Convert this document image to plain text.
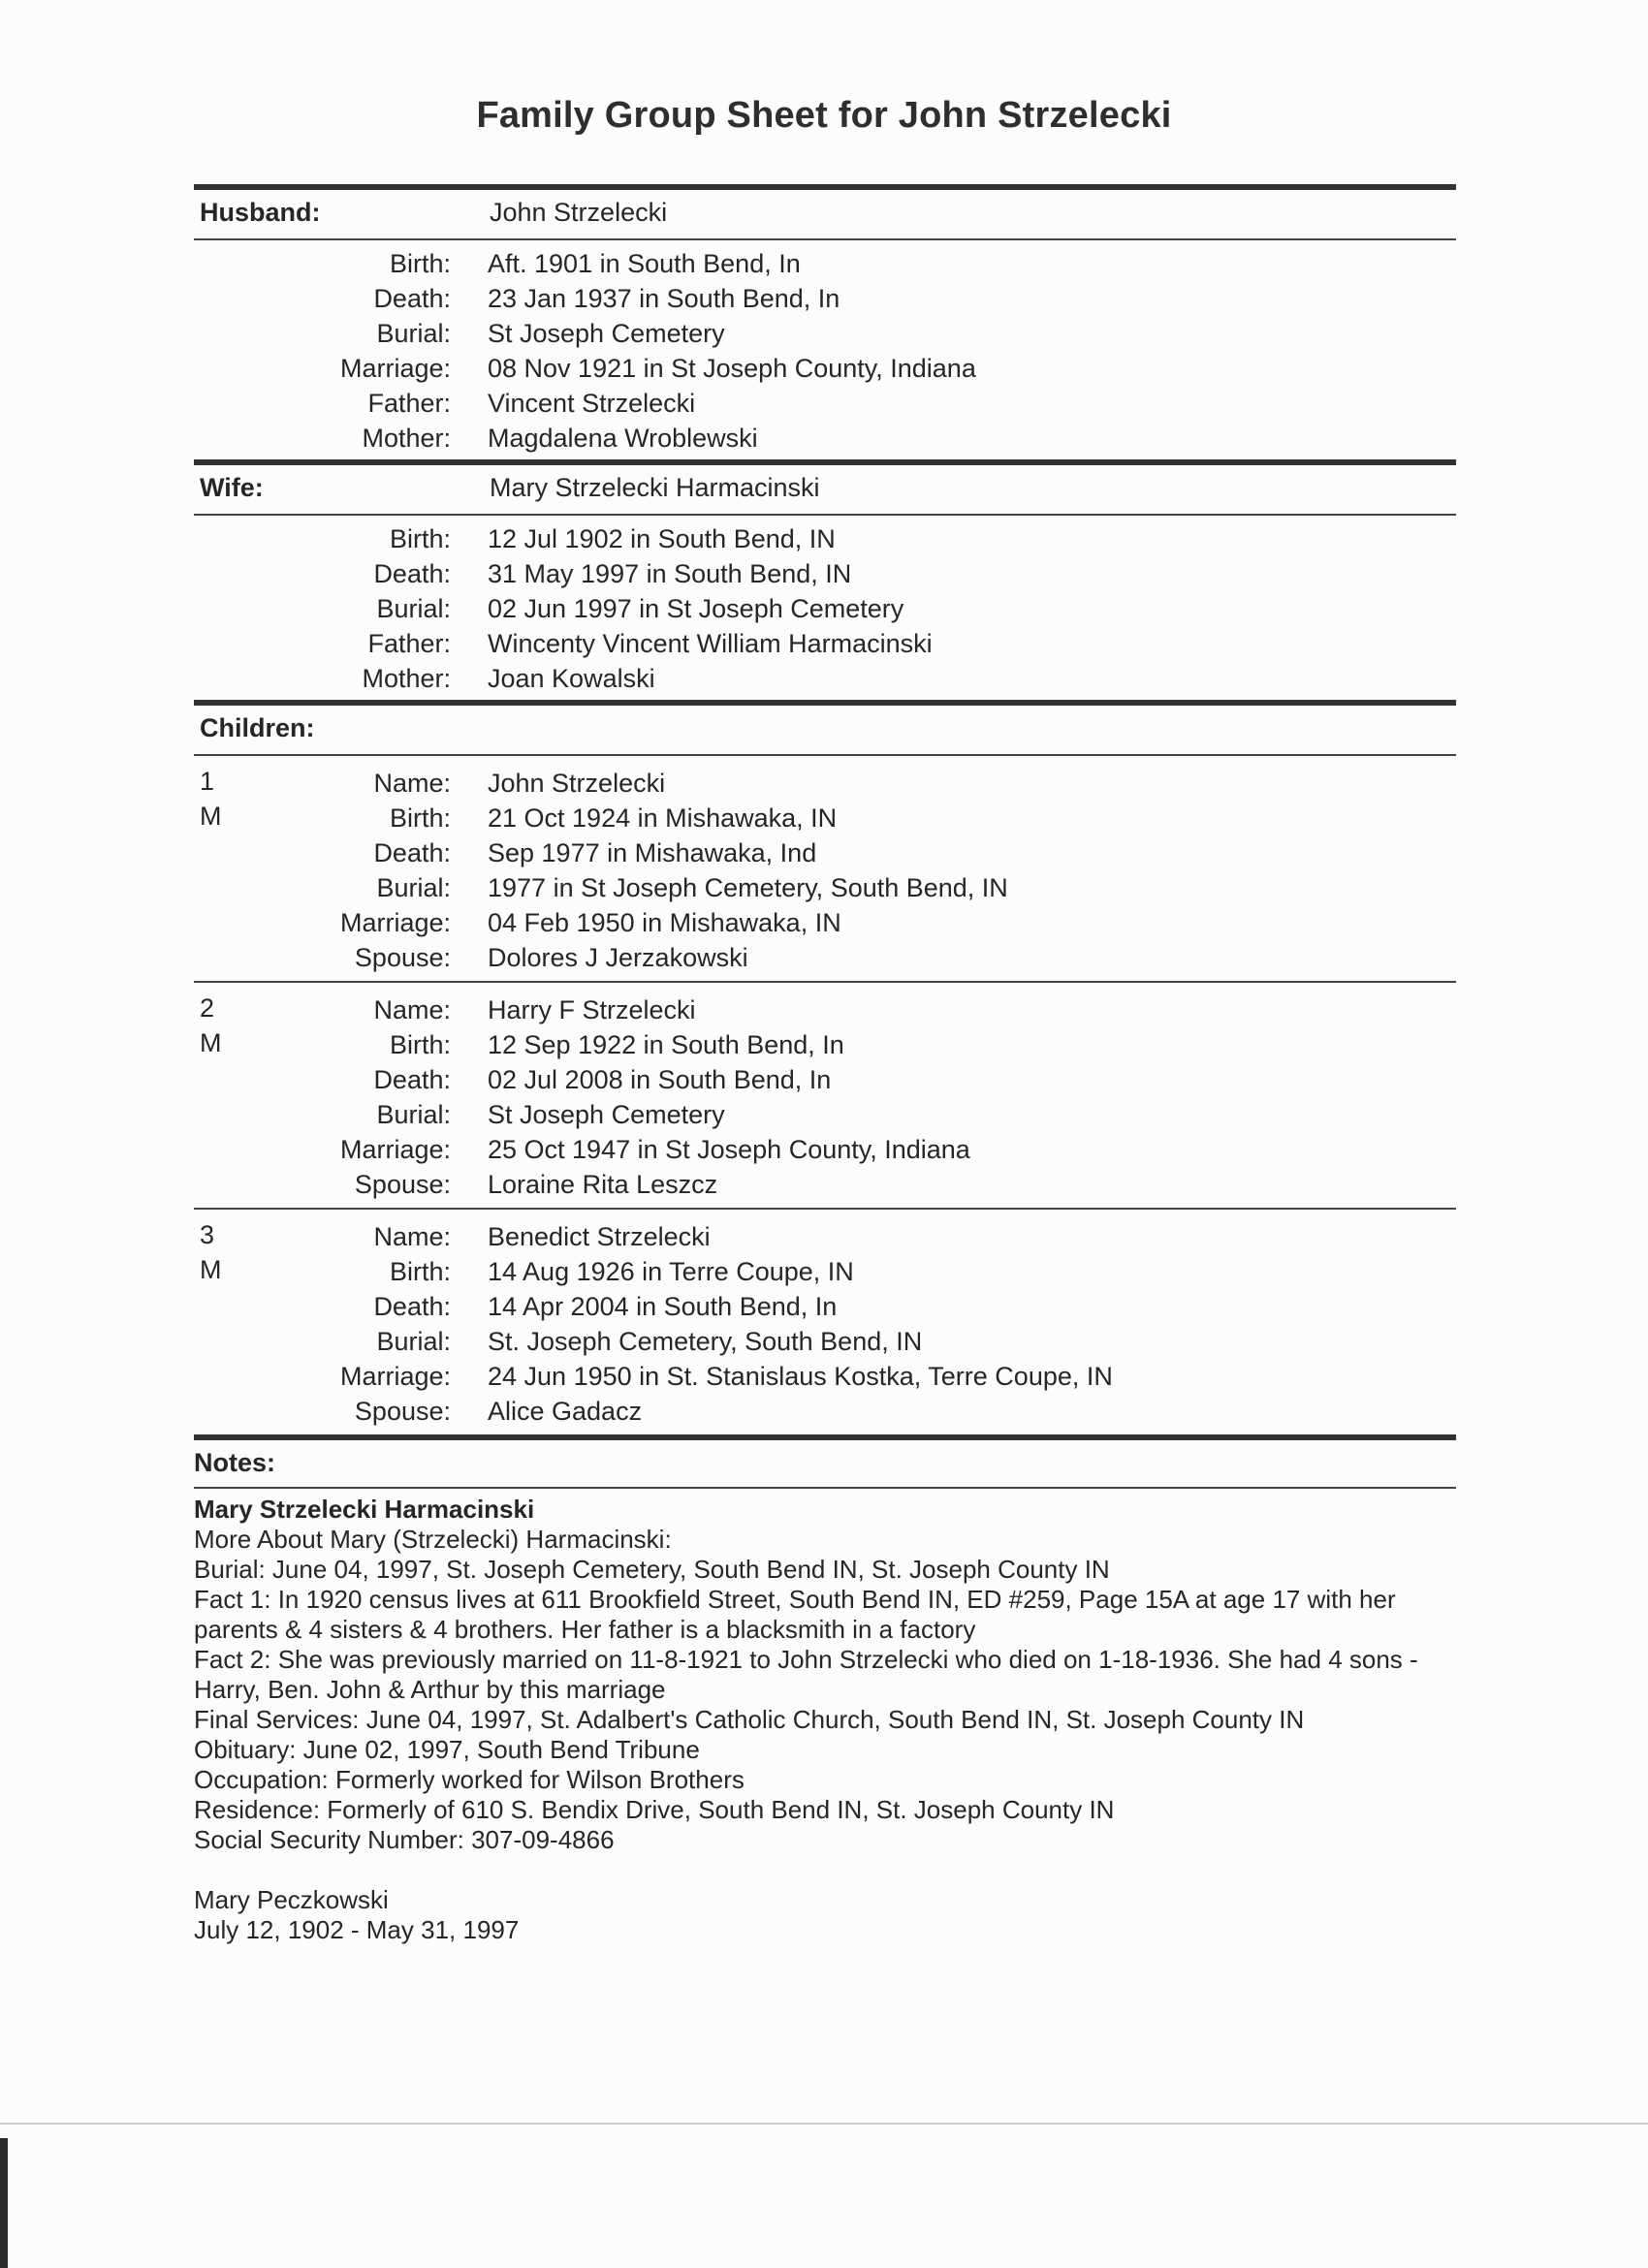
Family Group Sheet for John Strzelecki
Husband:	John Strzelecki
Birth: Aft. 1901 in South Bend, In
Death: 23 Jan 1937 in South Bend, In
Burial: St Joseph Cemetery
Marriage: 08 Nov 1921 in St Joseph County, Indiana
Father: Vincent Strzelecki
Mother: Magdalena Wroblewski
Wife:	Mary Strzelecki Harmacinski
Birth: 12 Jul 1902 in South Bend, IN
Death: 31 May 1997 in South Bend, IN
Burial: 02 Jun 1997 in St Joseph Cemetery
Father: Wincenty Vincent William Harmacinski
Mother: Joan Kowalski
Children:
1
M
Name: John Strzelecki
Birth: 21 Oct 1924 in Mishawaka, IN
Death: Sep 1977 in Mishawaka, Ind
Burial: 1977 in St Joseph Cemetery, South Bend, IN
Marriage: 04 Feb 1950 in Mishawaka, IN
Spouse: Dolores J Jerzakowski
2
M
Name: Harry F Strzelecki
Birth: 12 Sep 1922 in South Bend, In
Death: 02 Jul 2008 in South Bend, In
Burial: St Joseph Cemetery
Marriage: 25 Oct 1947 in St Joseph County, Indiana
Spouse: Loraine Rita Leszcz
3
M
Name: Benedict Strzelecki
Birth: 14 Aug 1926 in Terre Coupe, IN
Death: 14 Apr 2004 in South Bend, In
Burial: St. Joseph Cemetery, South Bend, IN
Marriage: 24 Jun 1950 in St. Stanislaus Kostka, Terre Coupe, IN
Spouse: Alice Gadacz
Notes:

Mary Strzelecki Harmacinski

More About Mary (Strzelecki) Harmacinski:

Burial: June 04, 1997, St. Joseph Cemetery, South Bend IN, St. Joseph County IN

Fact 1: In 1920 census lives at 611 Brookfield Street, South Bend IN, ED #259, Page 15A at age 17 with her parents & 4 sisters & 4 brothers. Her father is a blacksmith in a factory

Fact 2: She was previously married on 11-8-1921 to John Strzelecki who died on 1-18-1936. She had 4 sons - Harry, Ben. John & Arthur by this marriage

Final Services: June 04, 1997, St. Adalbert's Catholic Church, South Bend IN, St. Joseph County IN

Obituary: June 02, 1997, South Bend Tribune

Occupation: Formerly worked for Wilson Brothers

Residence: Formerly of 610 S. Bendix Drive, South Bend IN, St. Joseph County IN

Social Security Number: 307-09-4866

Mary Peczkowski

July 12, 1902 - May 31, 1997
